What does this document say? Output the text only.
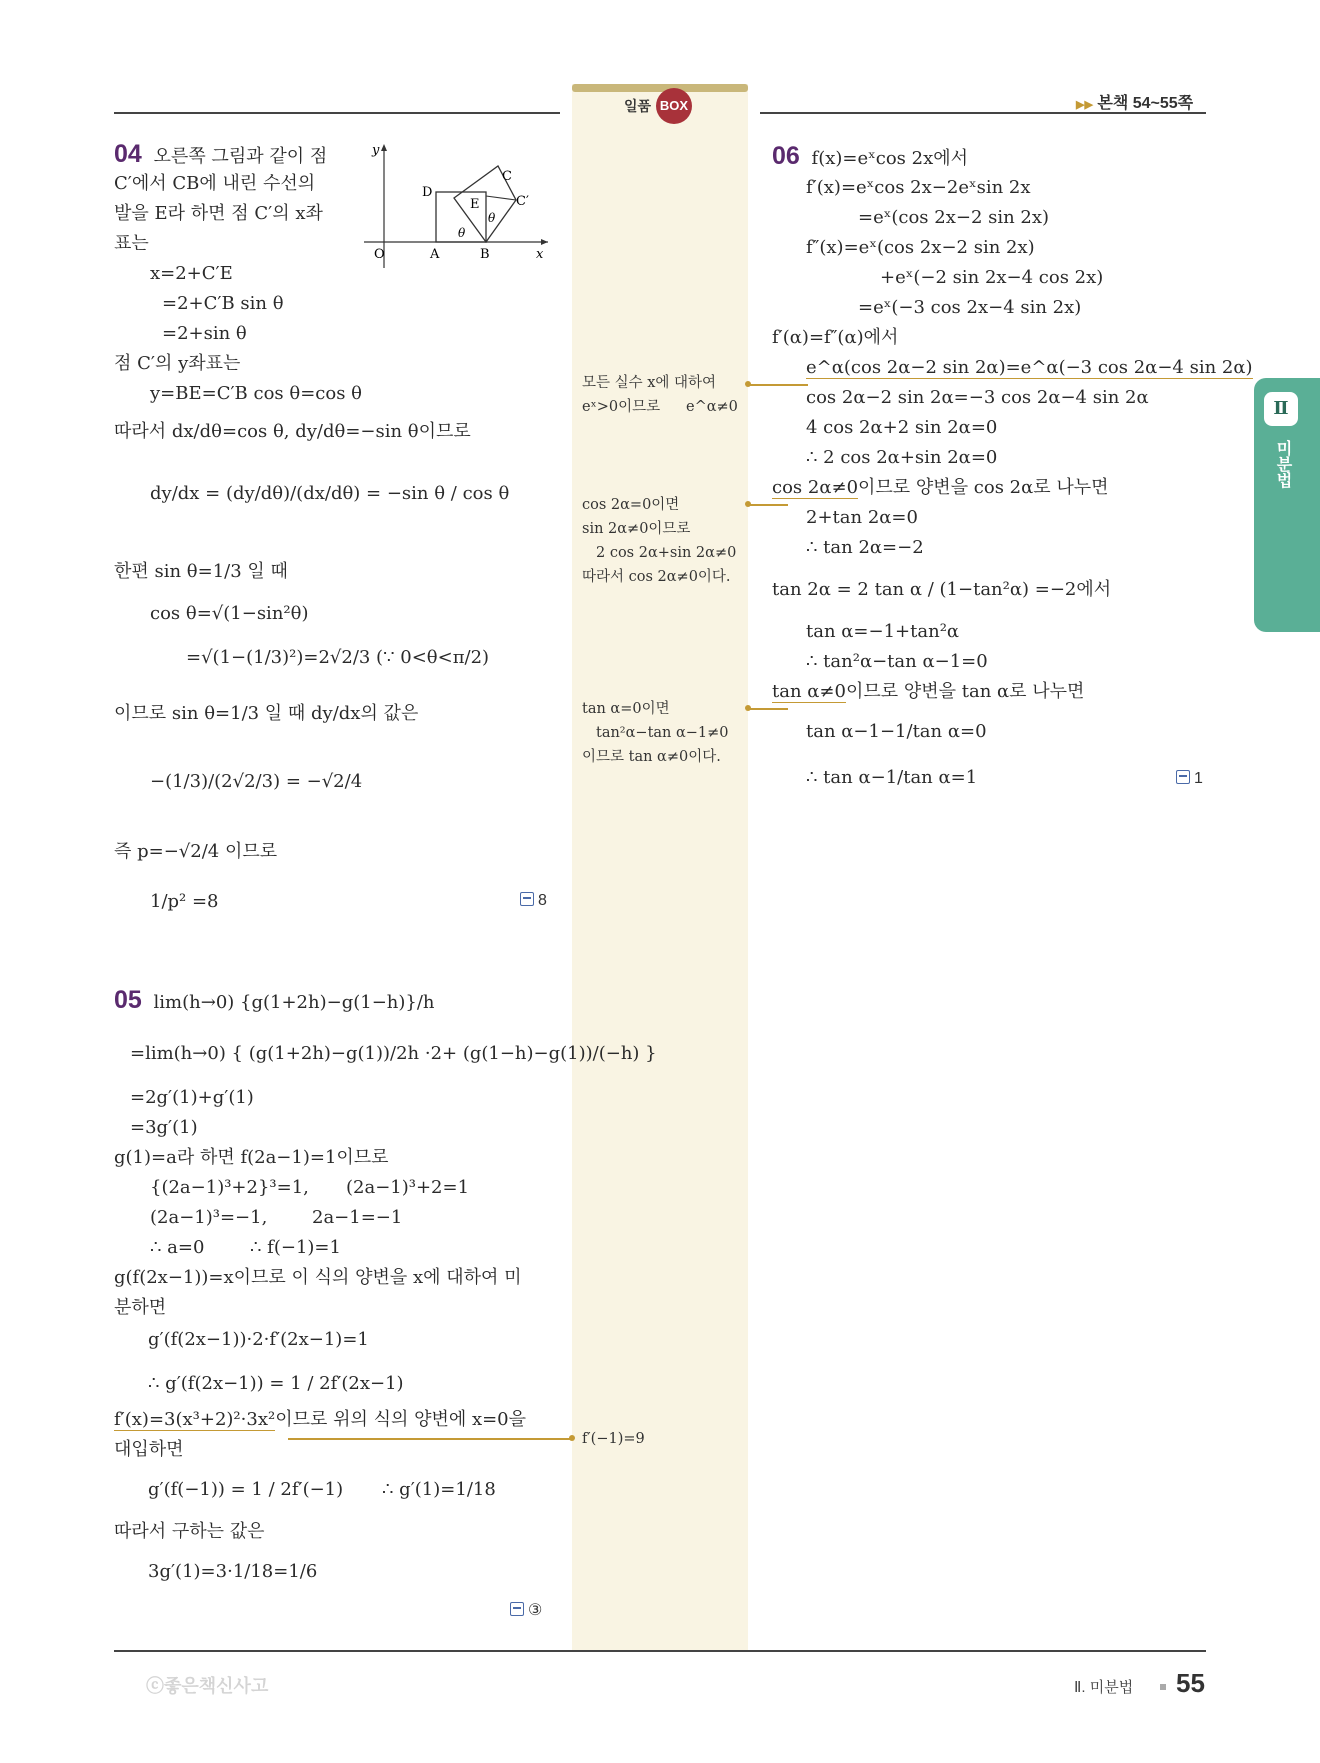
일품 BOX	▶▶ 본책 54~55쪽
Ⅱ
미분법
04 오른쪽 그림과 같이 점
C′에서 CB에 내린 수선의
발을 E라 하면 점 C′의 x좌
표는
O	A	B
C
C′
D
E
θ
θ
x
y
x=2+C′E
=2+C′B sin θ
=2+sin θ
점 C′의 y좌표는
y=BE=C′B cos θ=cos θ
따라서 dx/dθ=cos θ, dy/dθ=−sin θ이므로
dy/dx = (dy/dθ)/(dx/dθ) = −sin θ / cos θ
한편 sin θ=1/3 일 때
cos θ=√(1−sin²θ)
=√(1−(1/3)²)=2√2/3 (∵ 0<θ<π/2)
이므로 sin θ=1/3 일 때 dy/dx의 값은
−(1/3)/(2√2/3) = −√2/4
즉 p=−√2/4 이므로
1/p² =8	8
05 lim(h→0) {g(1+2h)−g(1−h)}/h
=lim(h→0) { (g(1+2h)−g(1))/2h ·2+ (g(1−h)−g(1))/(−h) }
=2g′(1)+g′(1)
=3g′(1)
g(1)=a라 하면 f(2a−1)=1이므로
{(2a−1)³+2}³=1, (2a−1)³+2=1
(2a−1)³=−1, 2a−1=−1
∴ a=0	∴ f(−1)=1
g(f(2x−1))=x이므로 이 식의 양변을 x에 대하여 미
분하면
g′(f(2x−1))·2·f′(2x−1)=1
∴ g′(f(2x−1)) = 1 / 2f′(2x−1)
f′(x)=3(x³+2)²·3x²이므로 위의 식의 양변에 x=0을
대입하면
g′(f(−1)) = 1 / 2f′(−1) ∴ g′(1)=1/18
따라서 구하는 값은
3g′(1)=3·1/18=1/6
③
06 f(x)=eˣcos 2x에서
f′(x)=eˣcos 2x−2eˣsin 2x
=eˣ(cos 2x−2 sin 2x)
f″(x)=eˣ(cos 2x−2 sin 2x)
+eˣ(−2 sin 2x−4 cos 2x)
=eˣ(−3 cos 2x−4 sin 2x)
f′(α)=f″(α)에서
e^α(cos 2α−2 sin 2α)=e^α(−3 cos 2α−4 sin 2α)
cos 2α−2 sin 2α=−3 cos 2α−4 sin 2α
4 cos 2α+2 sin 2α=0
∴ 2 cos 2α+sin 2α=0
cos 2α≠0이므로 양변을 cos 2α로 나누면
2+tan 2α=0
∴ tan 2α=−2
tan 2α = 2 tan α / (1−tan²α) =−2에서
tan α=−1+tan²α
∴ tan²α−tan α−1=0
tan α≠0이므로 양변을 tan α로 나누면
tan α−1−1/tan α=0
∴ tan α−1/tan α=1	1
모든 실수 x에 대하여
eˣ>0이므로 e^α≠0
cos 2α=0이면
sin 2α≠0이므로
2 cos 2α+sin 2α≠0
따라서 cos 2α≠0이다.
tan α=0이면
tan²α−tan α−1≠0
이므로 tan α≠0이다.
f′(−1)=9
ⓒ좋은책신사고	Ⅱ. 미분법 55
